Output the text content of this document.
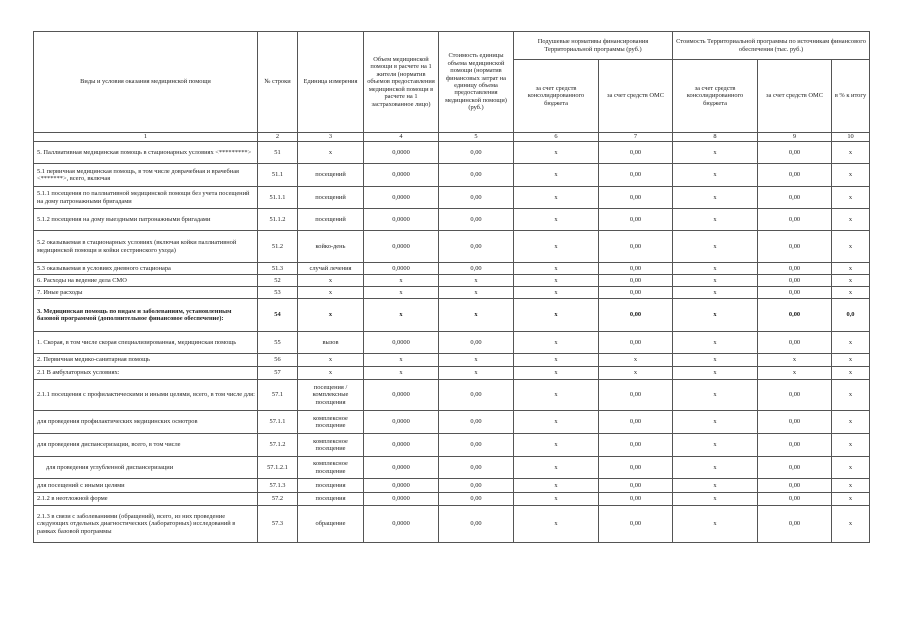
Виды и условия оказания медицинской помощи	№ строки	Единица измерения	Объем медицинской помощи в расчете на 1 жителя (норматив объемов предоставления медицинской помощи в расчете на 1 застрахованное лицо)	Стоимость единицы объема медицинской помощи (норматив финансовых затрат на единицу объема предоставления медицинской помощи) (руб.)	Подушевые нормативы финансирования Территориальной программы (руб.)		Стоимость Территориальной программы по источникам финансового обеспечения (тыс. руб.)		
					за счет средств консолидированного бюджета	за счет средств ОМС	за счет средств консолидированного бюджета	за счет средств ОМС	в % к итогу
1	2	3	4	5	6	7	8	9	10
5. Паллиативная медицинская помощь в стационарных условиях <*********>	51	x	0,0000	0,00	x	0,00	x	0,00	x
5.1 первичная медицинская помощь, в том числе доврачебная и врачебная <*******>, всего, включая	51.1	посещений	0,0000	0,00	x	0,00	x	0,00	x
5.1.1 посещения по паллиативной медицинской помощи без учета посещений на дому патронажными бригадами	51.1.1	посещений	0,0000	0,00	x	0,00	x	0,00	x
5.1.2 посещения на дому выездными патронажными бригадами	51.1.2	посещений	0,0000	0,00	x	0,00	x	0,00	x
5.2 оказываемая в стационарных условиях (включая койки паллиативной медицинской помощи и койки сестринского ухода)	51.2	койко-день	0,0000	0,00	x	0,00	x	0,00	x
5.3 оказываемая в условиях дневного стационара	51.3	случай лечения	0,0000	0,00	x	0,00	x	0,00	x
6. Расходы на ведение дела СМО	52	x	x	x	x	0,00	x	0,00	x
7. Иные расходы	53	x	x	x	x	0,00	x	0,00	x
3. Медицинская помощь по видам и заболеваниям, установленным базовой программой (дополнительное финансовое обеспечение):	54	x	x	x	x	0,00	x	0,00	0,0
1. Скорая, в том числе скорая специализированная, медицинская помощь	55	вызов	0,0000	0,00	x	0,00	x	0,00	x
2. Первичная медико-санитарная помощь	56	x	x	x	x	x	x	x	x
2.1 В амбулаторных условиях:	57	x	x	x	x	x	x	x	x
2.1.1 посещения с профилактическими и иными целями, всего, в том числе для:	57.1	посещения / комплексные посещения	0,0000	0,00	x	0,00	x	0,00	x
для проведения профилактических медицинских осмотров	57.1.1	комплексное посещение	0,0000	0,00	x	0,00	x	0,00	x
для проведения диспансеризации, всего, в том числе	57.1.2	комплексное посещение	0,0000	0,00	x	0,00	x	0,00	x
для проведения углубленной диспансеризации	57.1.2.1	комплексное посещение	0,0000	0,00	x	0,00	x	0,00	x
для посещений с иными целями	57.1.3	посещения	0,0000	0,00	x	0,00	x	0,00	x
2.1.2 в неотложной форме	57.2	посещения	0,0000	0,00	x	0,00	x	0,00	x
2.1.3 в связи с заболеваниями (обращений), всего, из них проведение следующих отдельных диагностических (лабораторных) исследований в рамках базовой программы	57.3	обращение	0,0000	0,00	x	0,00	x	0,00	x
